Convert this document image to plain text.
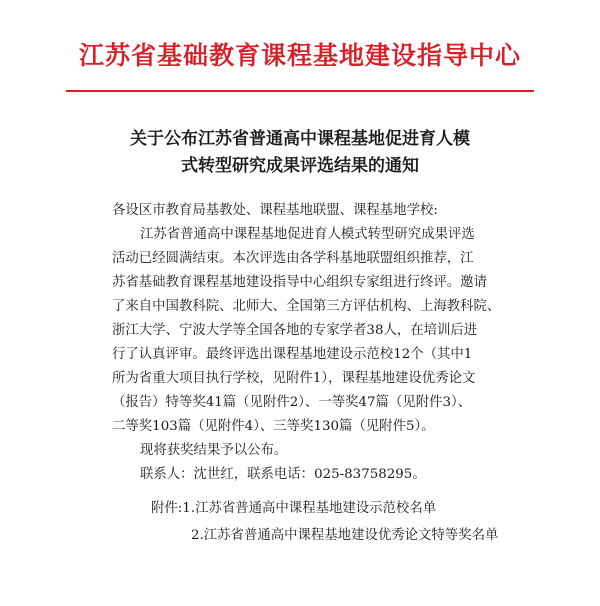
江苏省基础教育课程基地建设指导中心
关于公布江苏省普通高中课程基地促进育人模
式转型研究成果评选结果的通知
各设区市教育局基教处、课程基地联盟、课程基地学校:
江苏省普通高中课程基地促进育人模式转型研究成果评选
活动已经圆满结束。本次评选由各学科基地联盟组织推荐，江
苏省基础教育课程基地建设指导中心组织专家组进行终评。邀请
了来自中国教科院、北师大、全国第三方评估机构、上海教科院、
浙江大学、宁波大学等全国各地的专家学者38人，在培训后进
行了认真评审。最终评选出课程基地建设示范校12个（其中1
所为省重大项目执行学校，见附件1），课程基地建设优秀论文
（报告）特等奖41篇（见附件2）、一等奖47篇（见附件3）、
二等奖103篇（见附件4）、三等奖130篇（见附件5）。
现将获奖结果予以公布。
联系人：沈世红，联系电话：025-83758295。
附件:1.江苏省普通高中课程基地建设示范校名单
2.江苏省普通高中课程基地建设优秀论文特等奖名单
